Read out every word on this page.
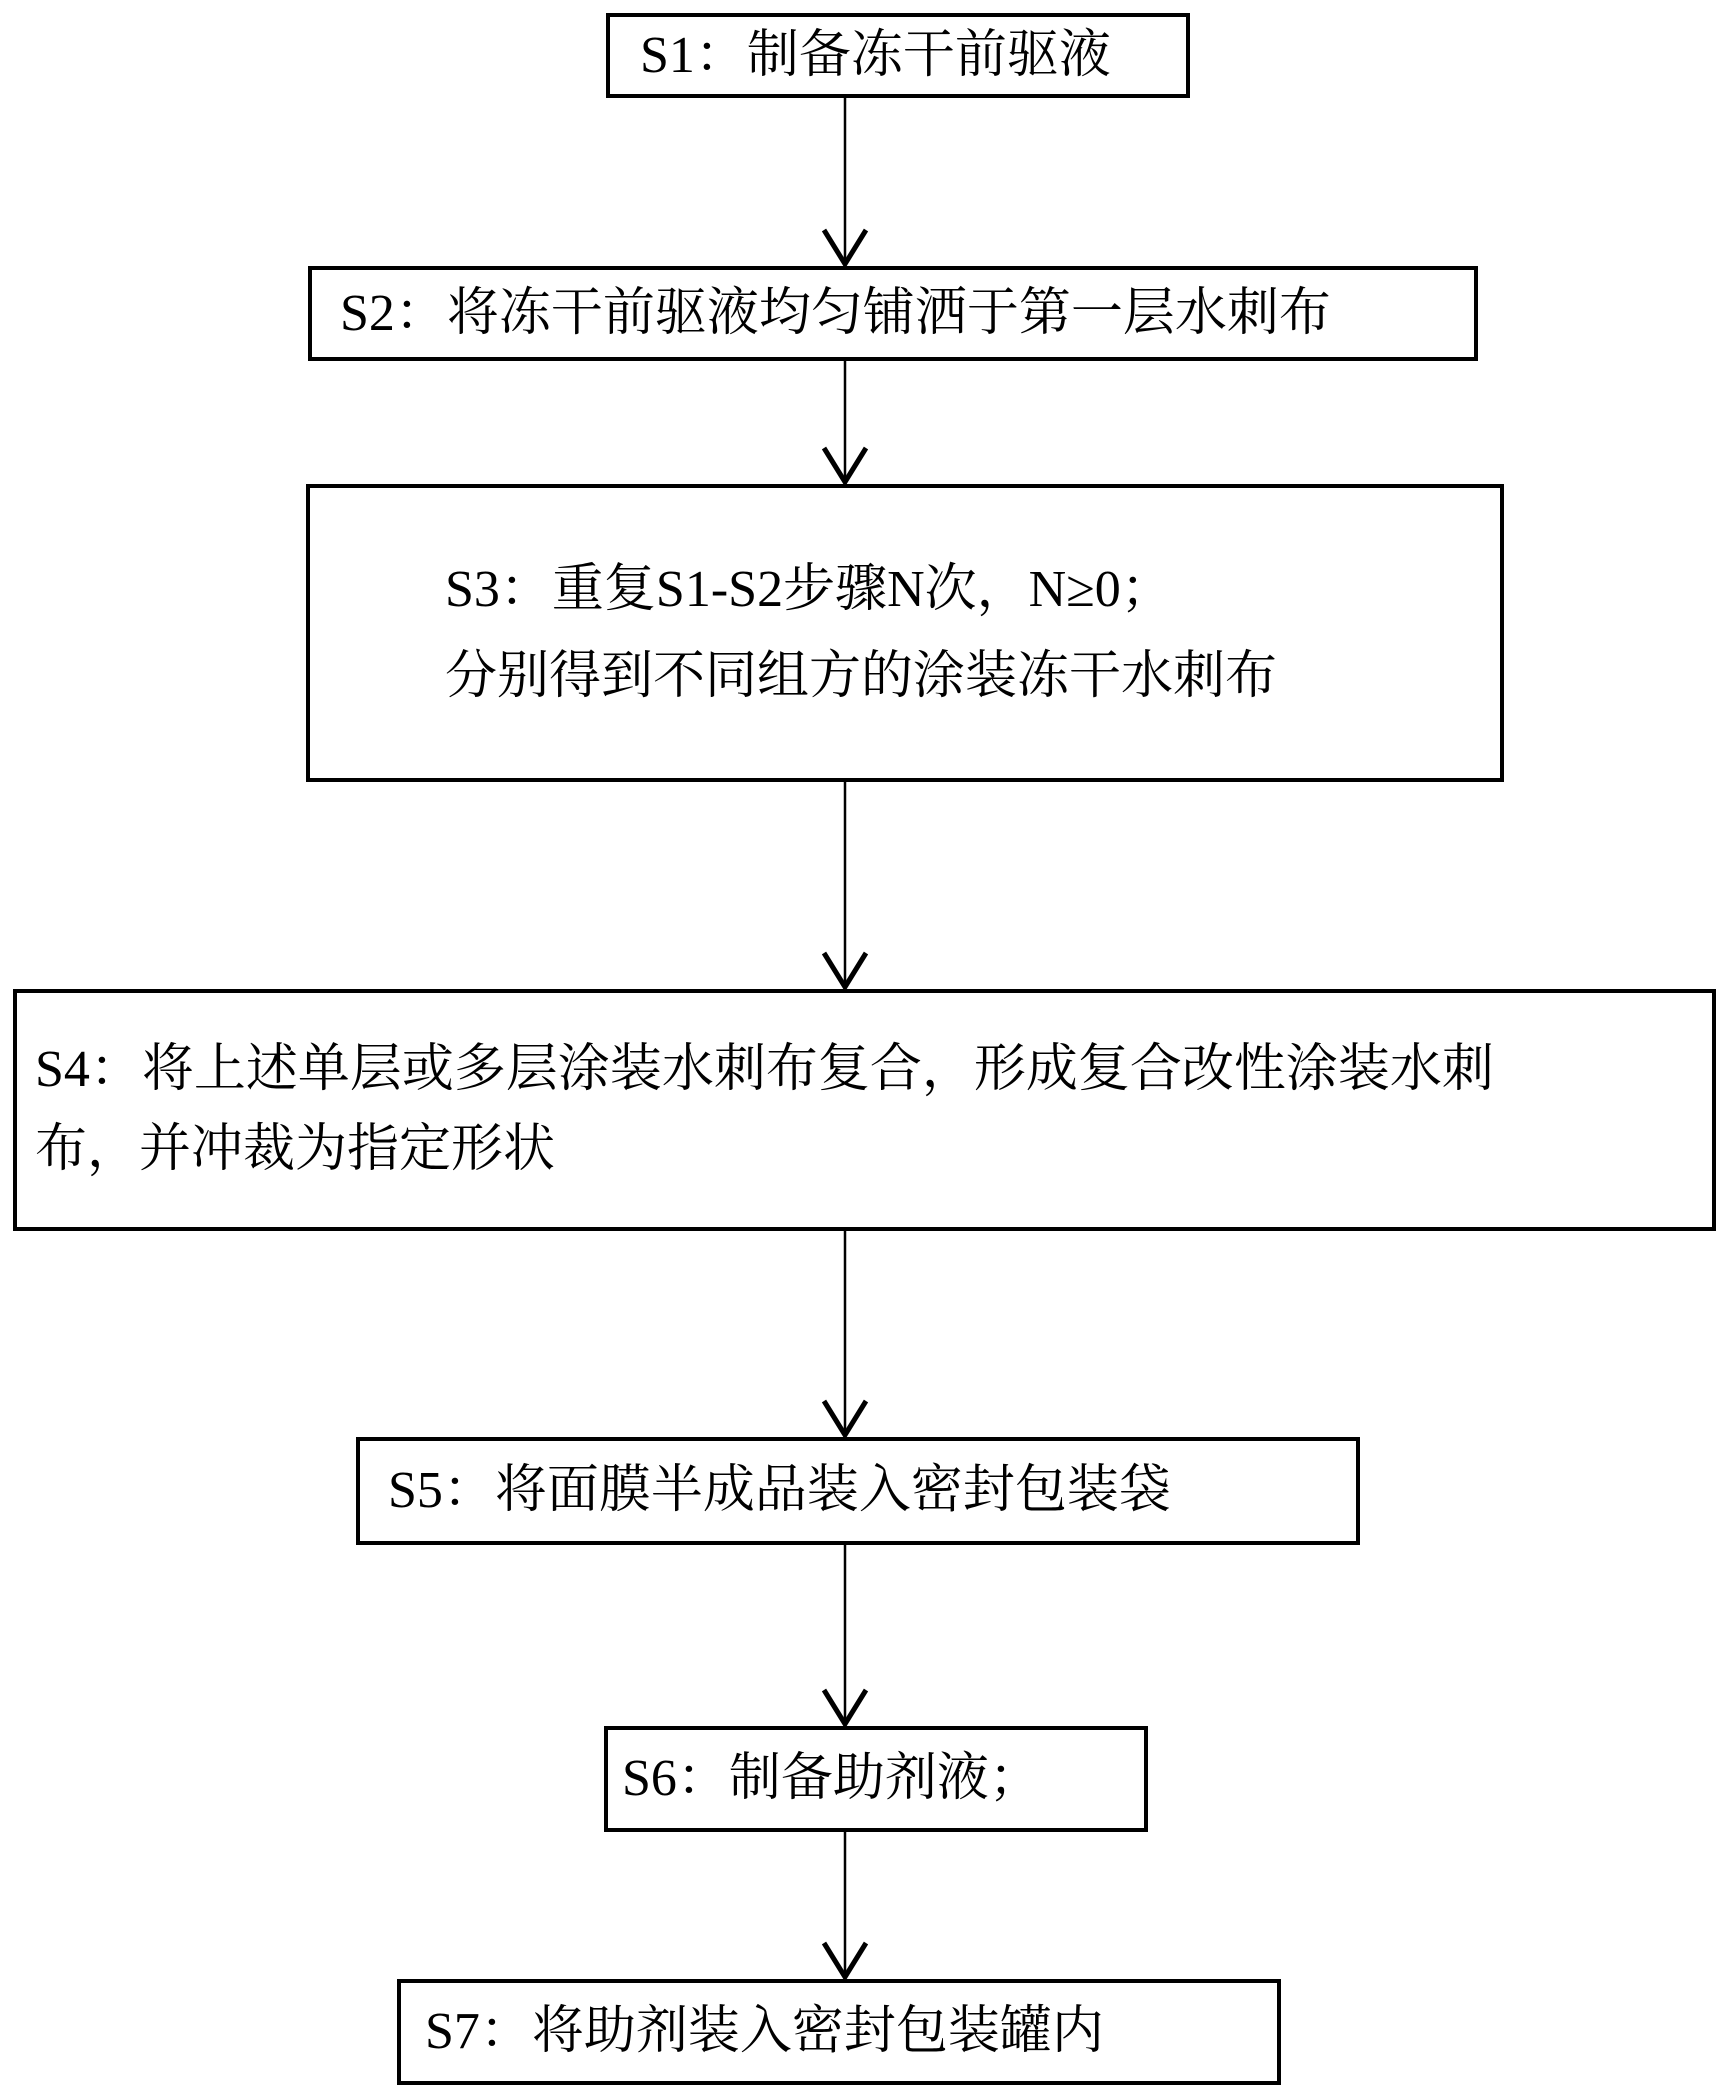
S1：制备冻干前驱液
S2：将冻干前驱液均匀铺洒于第一层水刺布
S3：重复S1-S2步骤N次，N≥0；
分别得到不同组方的涂装冻干水刺布
S4：将上述单层或多层涂装水刺布复合，形成复合改性涂装水刺
布，并冲裁为指定形状
S5：将面膜半成品装入密封包装袋
S6：制备助剂液；
S7：将助剂装入密封包装罐内
